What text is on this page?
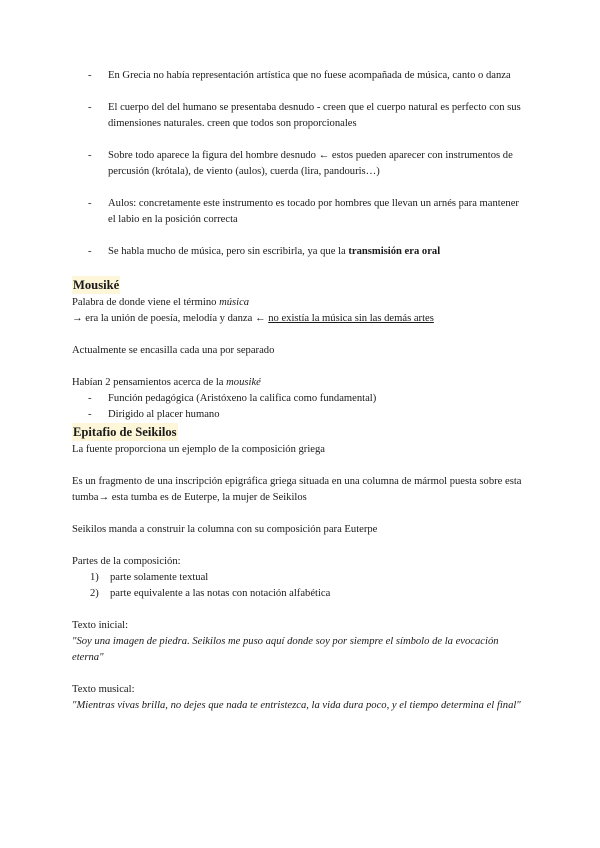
-	En Grecia no había representación artística que no fuese acompañada de música, canto o danza
-	El cuerpo del del humano se presentaba desnudo - creen que el cuerpo natural es perfecto con sus dimensiones naturales. creen que todos son proporcionales
-	Sobre todo aparece la figura del hombre desnudo ← estos pueden aparecer con instrumentos de percusión (krótala), de viento (aulos), cuerda (lira, pandouris…)
-	Aulos: concretamente este instrumento es tocado por hombres que llevan un arnés para mantener el labio en la posición correcta
-	Se habla mucho de música, pero sin escribirla, ya que la transmisión era oral
Mousiké

Palabra de donde viene el término música

→ era la unión de poesía, melodía y danza ← no existía la música sin las demás artes

Actualmente se encasilla cada una por separado

Habían 2 pensamientos acerca de la mousiké

-	Función pedagógica (Aristóxeno la califica como fundamental)
-	Dirigido al placer humano
Epitafio de Seikilos

La fuente proporciona un ejemplo de la composición griega

Es un fragmento de una inscripción epigráfica griega situada en una columna de mármol puesta sobre esta tumba→ esta tumba es de Euterpe, la mujer de Seikilos

Seikilos manda a construir la columna con su composición para Euterpe

Partes de la composición:

1)	parte solamente textual
2)	parte equivalente a las notas con notación alfabética

Texto inicial:

"Soy una imagen de piedra. Seikilos me puso aquí donde soy por siempre el símbolo de la evocación eterna"

Texto musical:

"Mientras vivas brilla, no dejes que nada te entristezca, la vida dura poco, y el tiempo determina el final"
